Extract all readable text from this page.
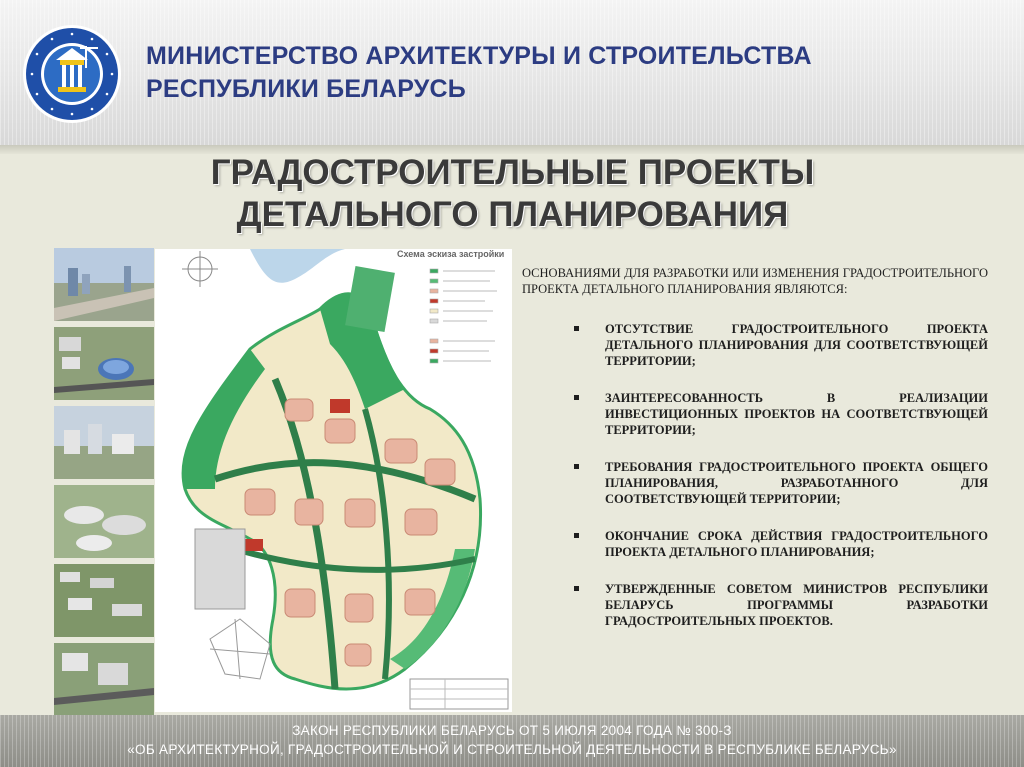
МИНИСТЕРСТВО АРХИТЕКТУРЫ И СТРОИТЕЛЬСТВА
РЕСПУБЛИКИ БЕЛАРУСЬ
ГРАДОСТРОИТЕЛЬНЫЕ ПРОЕКТЫ
ДЕТАЛЬНОГО ПЛАНИРОВАНИЯ
Схема эскиза застройки

ОСНОВАНИЯМИ ДЛЯ РАЗРАБОТКИ ИЛИ ИЗМЕНЕНИЯ ГРАДОСТРОИТЕЛЬНОГО ПРОЕКТА ДЕТАЛЬНОГО ПЛАНИРОВАНИЯ ЯВЛЯЮТСЯ:

ОТСУТСТВИЕ ГРАДОСТРОИТЕЛЬНОГО ПРОЕКТА ДЕТАЛЬНОГО ПЛАНИРОВАНИЯ ДЛЯ СООТВЕТСТВУЮЩЕЙ ТЕРРИТОРИИ;
ЗАИНТЕРЕСОВАННОСТЬ В РЕАЛИЗАЦИИ ИНВЕСТИЦИОННЫХ ПРОЕКТОВ НА СООТВЕТСТВУЮЩЕЙ ТЕРРИТОРИИ;
ТРЕБОВАНИЯ ГРАДОСТРОИТЕЛЬНОГО ПРОЕКТА ОБЩЕГО ПЛАНИРОВАНИЯ, РАЗРАБОТАННОГО ДЛЯ СООТВЕТСТВУЮЩЕЙ ТЕРРИТОРИИ;
ОКОНЧАНИЕ СРОКА ДЕЙСТВИЯ ГРАДОСТРОИТЕЛЬНОГО ПРОЕКТА ДЕТАЛЬНОГО ПЛАНИРОВАНИЯ;
УТВЕРЖДЕННЫЕ СОВЕТОМ МИНИСТРОВ РЕСПУБЛИКИ БЕЛАРУСЬ ПРОГРАММЫ РАЗРАБОТКИ ГРАДОСТРОИТЕЛЬНЫХ ПРОЕКТОВ.
ЗАКОН РЕСПУБЛИКИ БЕЛАРУСЬ ОТ 5 ИЮЛЯ 2004 ГОДА № 300-З
«ОБ АРХИТЕКТУРНОЙ, ГРАДОСТРОИТЕЛЬНОЙ И СТРОИТЕЛЬНОЙ ДЕЯТЕЛЬНОСТИ В РЕСПУБЛИКЕ БЕЛАРУСЬ»
